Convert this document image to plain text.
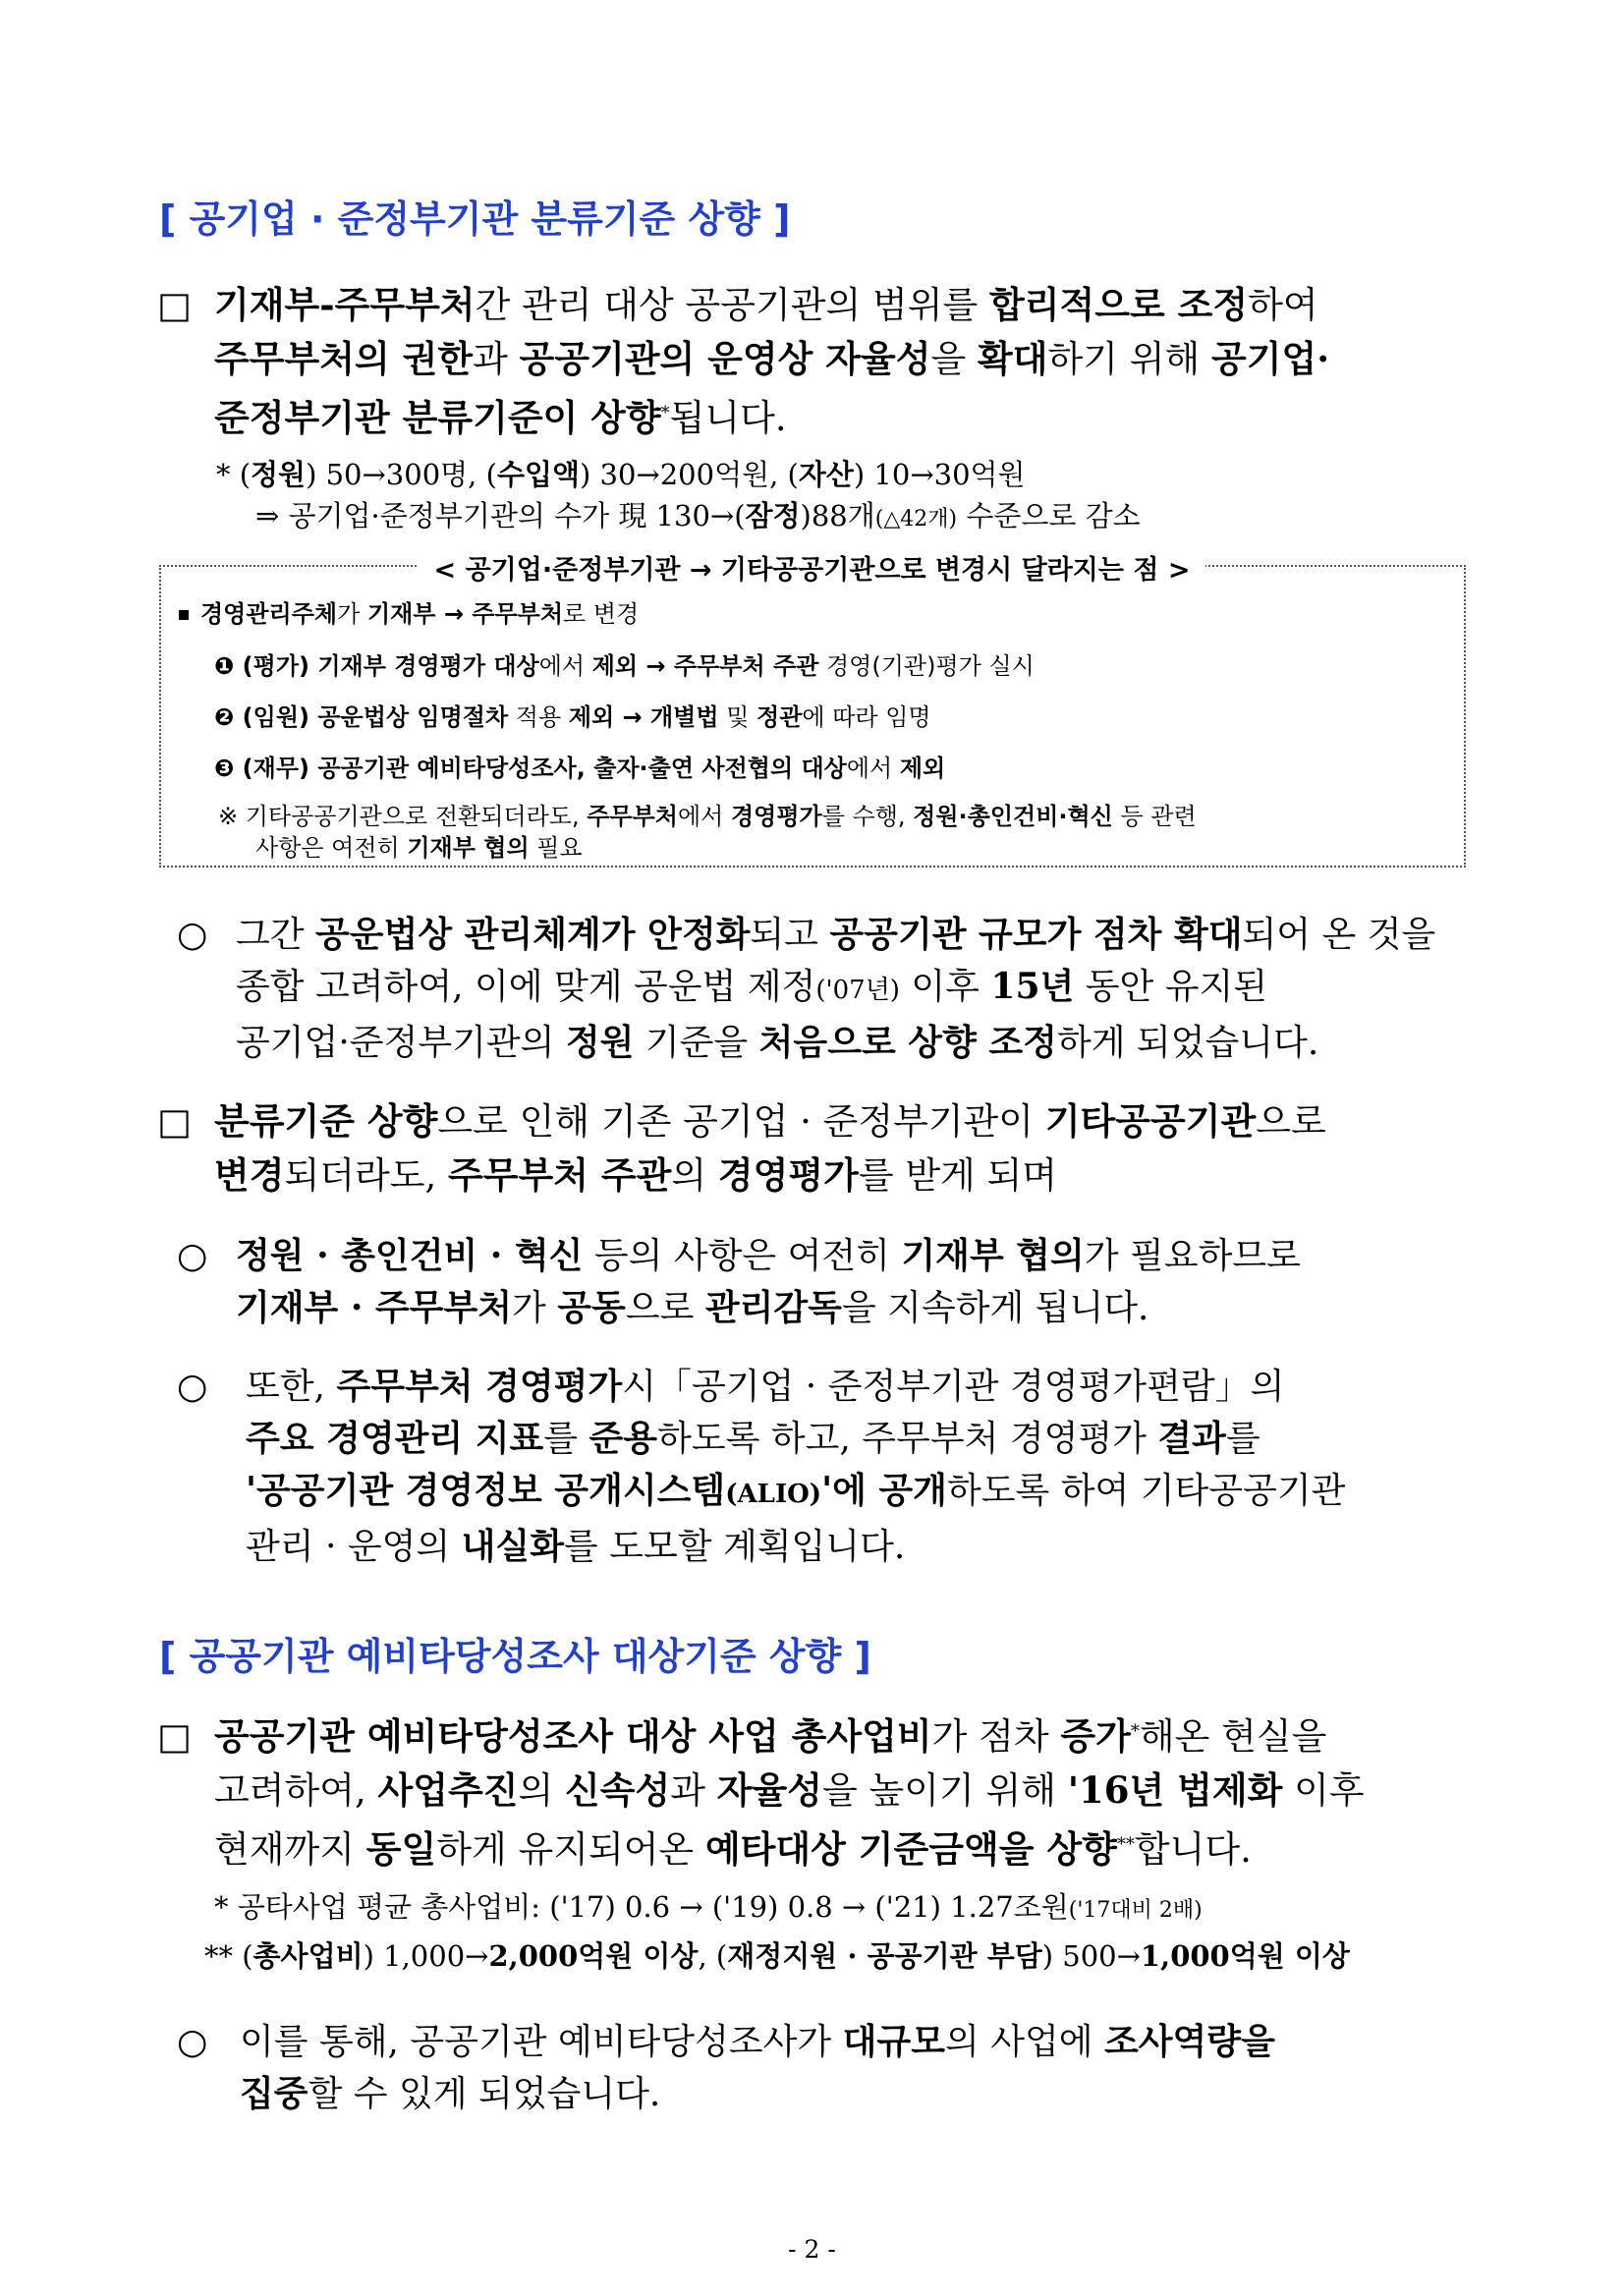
[ 공기업 · 준정부기관 분류기준 상향 ]
□ 기재부-주무부처간 관리 대상 공공기관의 범위를 합리적으로 조정하여
주무부처의 권한과 공공기관의 운영상 자율성을 확대하기 위해 공기업·
준정부기관 분류기준이 상향*됩니다.
* (정원) 50→300명, (수입액) 30→200억원, (자산) 10→30억원
⇒ 공기업·준정부기관의 수가 現 130→(잠정)88개(△42개) 수준으로 감소
< 공기업·준정부기관 → 기타공공기관으로 변경시 달라지는 점 >
경영관리주체가 기재부 → 주무부처로 변경
❶ (평가) 기재부 경영평가 대상에서 제외 → 주무부처 주관 경영(기관)평가 실시
❷ (임원) 공운법상 임명절차 적용 제외 → 개별법 및 정관에 따라 임명
❸ (재무) 공공기관 예비타당성조사, 출자·출연 사전협의 대상에서 제외
※ 기타공공기관으로 전환되더라도, 주무부처에서 경영평가를 수행, 정원·총인건비·혁신 등 관련
사항은 여전히 기재부 협의 필요
○ 그간 공운법상 관리체계가 안정화되고 공공기관 규모가 점차 확대되어 온 것을
종합 고려하여, 이에 맞게 공운법 제정('07년) 이후 15년 동안 유지된
공기업·준정부기관의 정원 기준을 처음으로 상향 조정하게 되었습니다.
□ 분류기준 상향으로 인해 기존 공기업 · 준정부기관이 기타공공기관으로
변경되더라도, 주무부처 주관의 경영평가를 받게 되며
○ 정원 · 총인건비 · 혁신 등의 사항은 여전히 기재부 협의가 필요하므로
기재부 · 주무부처가 공동으로 관리감독을 지속하게 됩니다.
○ 또한, 주무부처 경영평가시「공기업 · 준정부기관 경영평가편람」의
주요 경영관리 지표를 준용하도록 하고, 주무부처 경영평가 결과를
'공공기관 경영정보 공개시스템(ALIO)'에 공개하도록 하여 기타공공기관
관리 · 운영의 내실화를 도모할 계획입니다.
[ 공공기관 예비타당성조사 대상기준 상향 ]
□ 공공기관 예비타당성조사 대상 사업 총사업비가 점차 증가*해온 현실을
고려하여, 사업추진의 신속성과 자율성을 높이기 위해 '16년 법제화 이후
현재까지 동일하게 유지되어온 예타대상 기준금액을 상향**합니다.
* 공타사업 평균 총사업비: ('17) 0.6 → ('19) 0.8 → ('21) 1.27조원('17대비 2배)
** (총사업비) 1,000→2,000억원 이상, (재정지원 · 공공기관 부담) 500→1,000억원 이상
○ 이를 통해, 공공기관 예비타당성조사가 대규모의 사업에 조사역량을
집중할 수 있게 되었습니다.
- 2 -
